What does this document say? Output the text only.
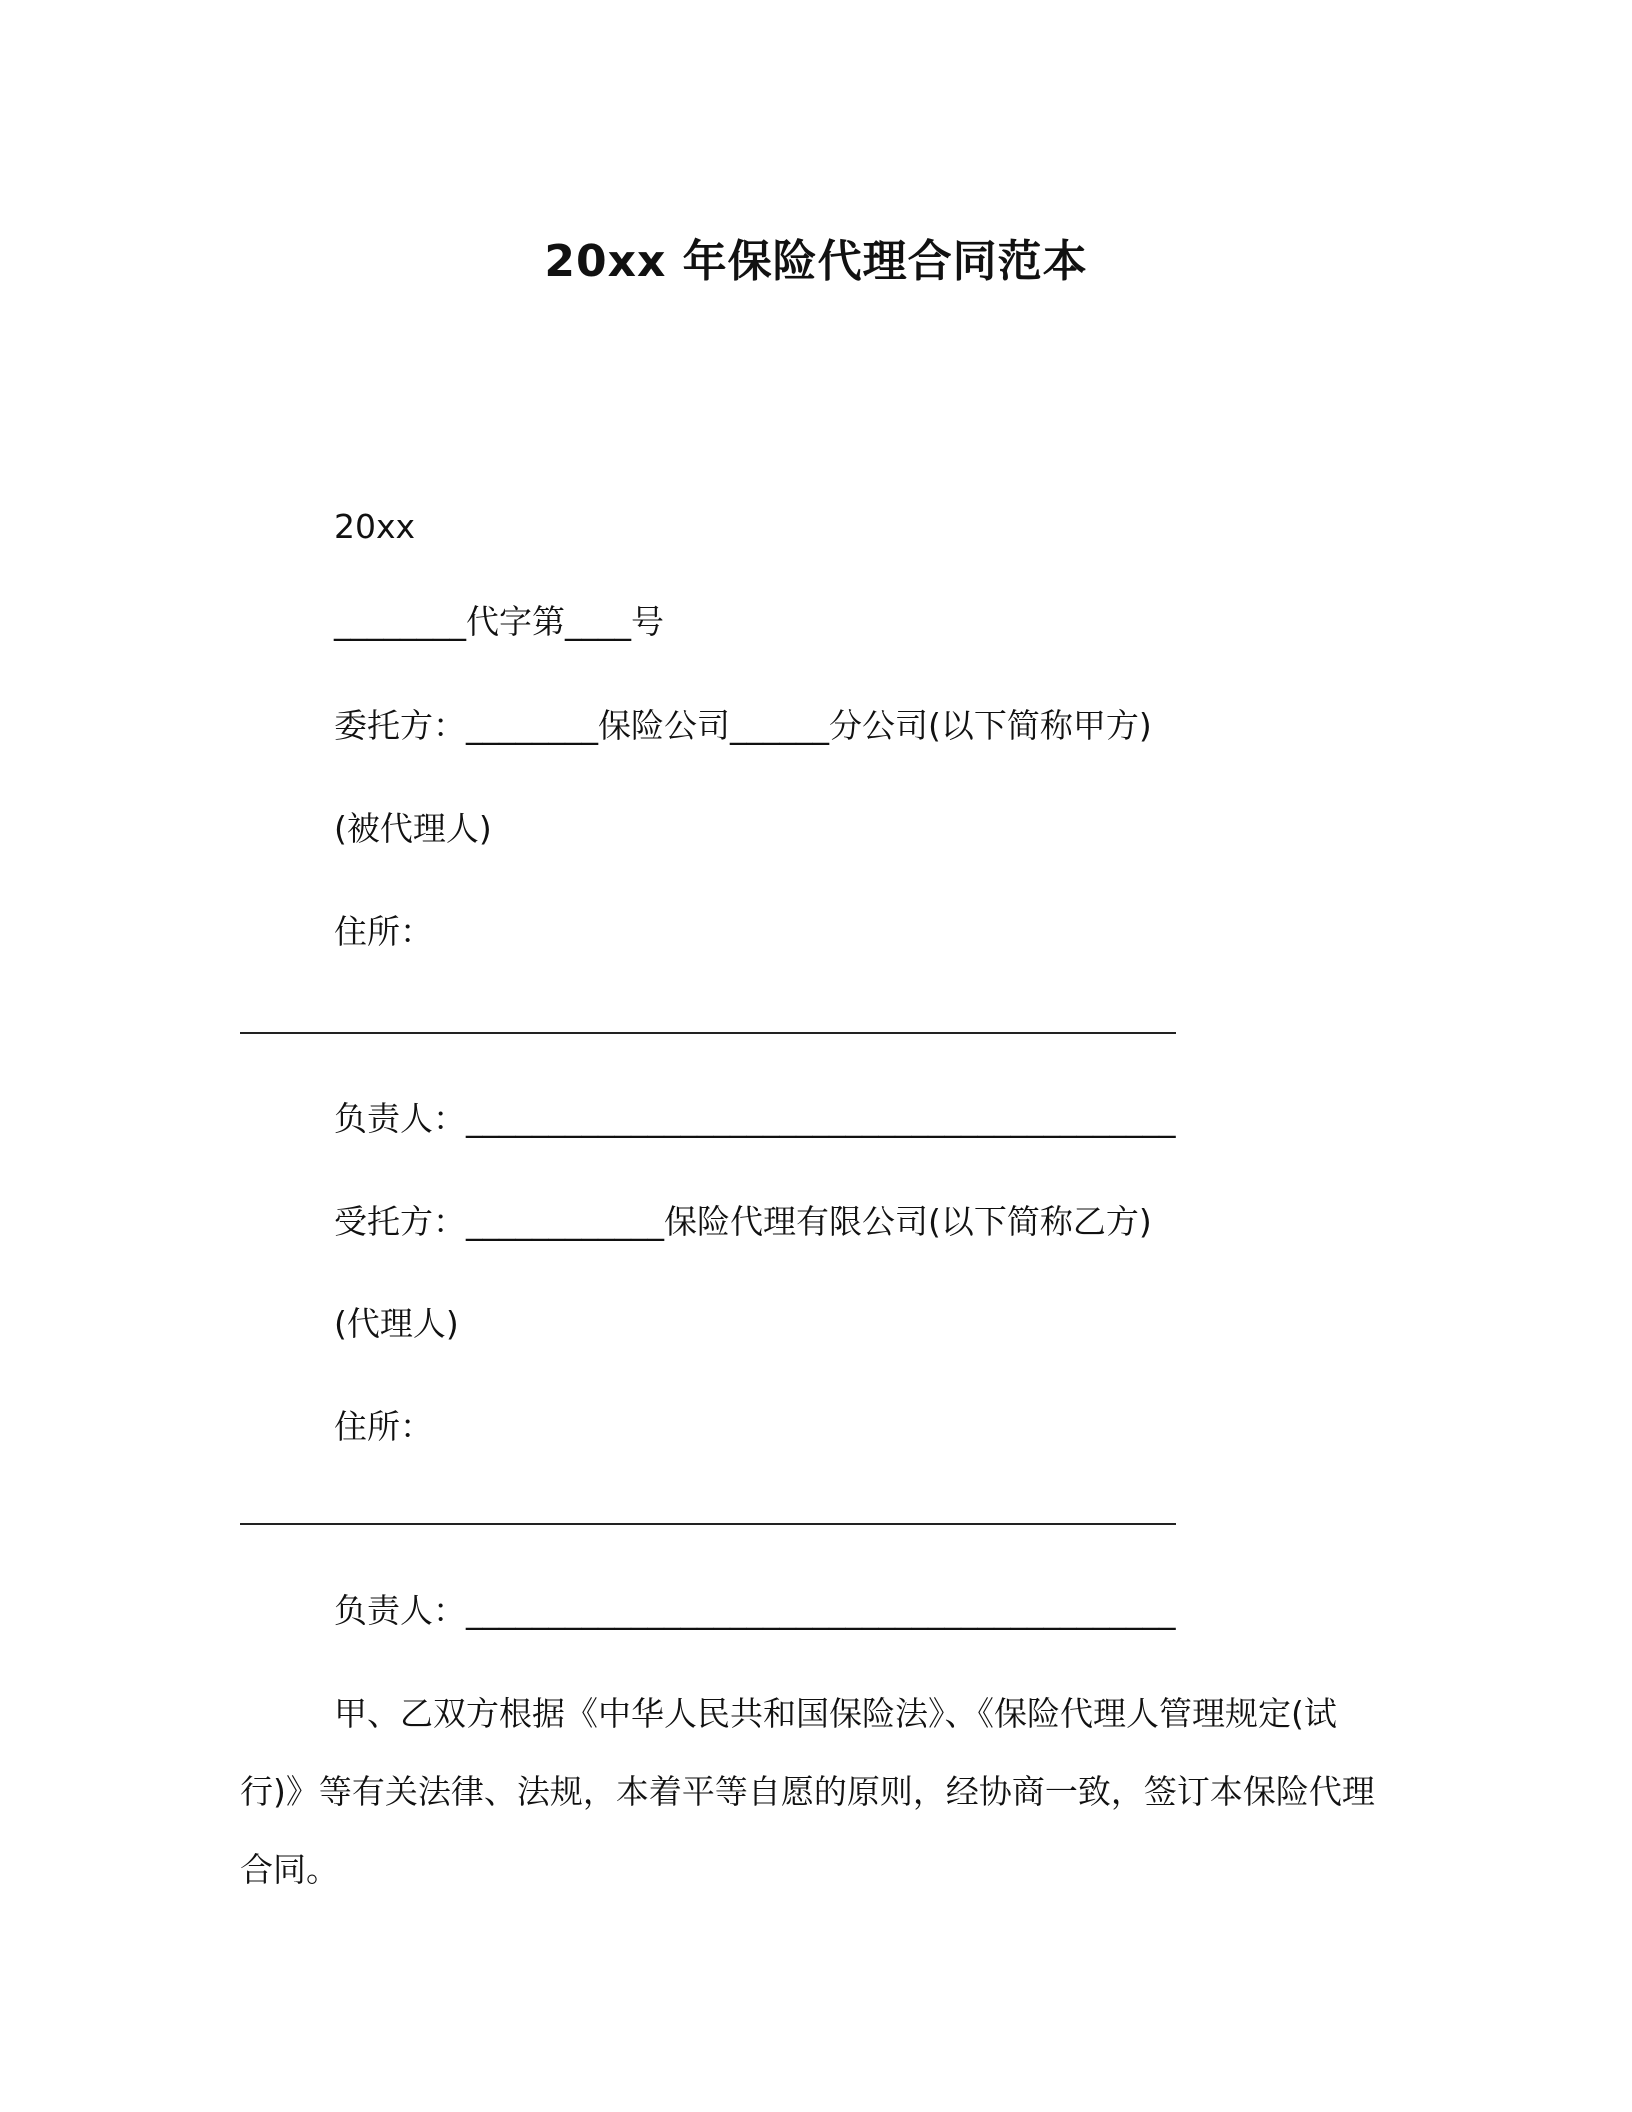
20xx 年保险代理合同范本
20xx
________代字第____号
委托方：________保险公司______分公司(以下简称甲方)
(被代理人)
住所：
负责人：___________________________________________
受托方：____________保险代理有限公司(以下简称乙方)
(代理人)
住所：
负责人：___________________________________________
甲、乙双方根据《中华人民共和国保险法》、《保险代理人管理规定(试行)》等有关法律、法规，本着平等自愿的原则，经协商一致，签订本保险代理合同。
